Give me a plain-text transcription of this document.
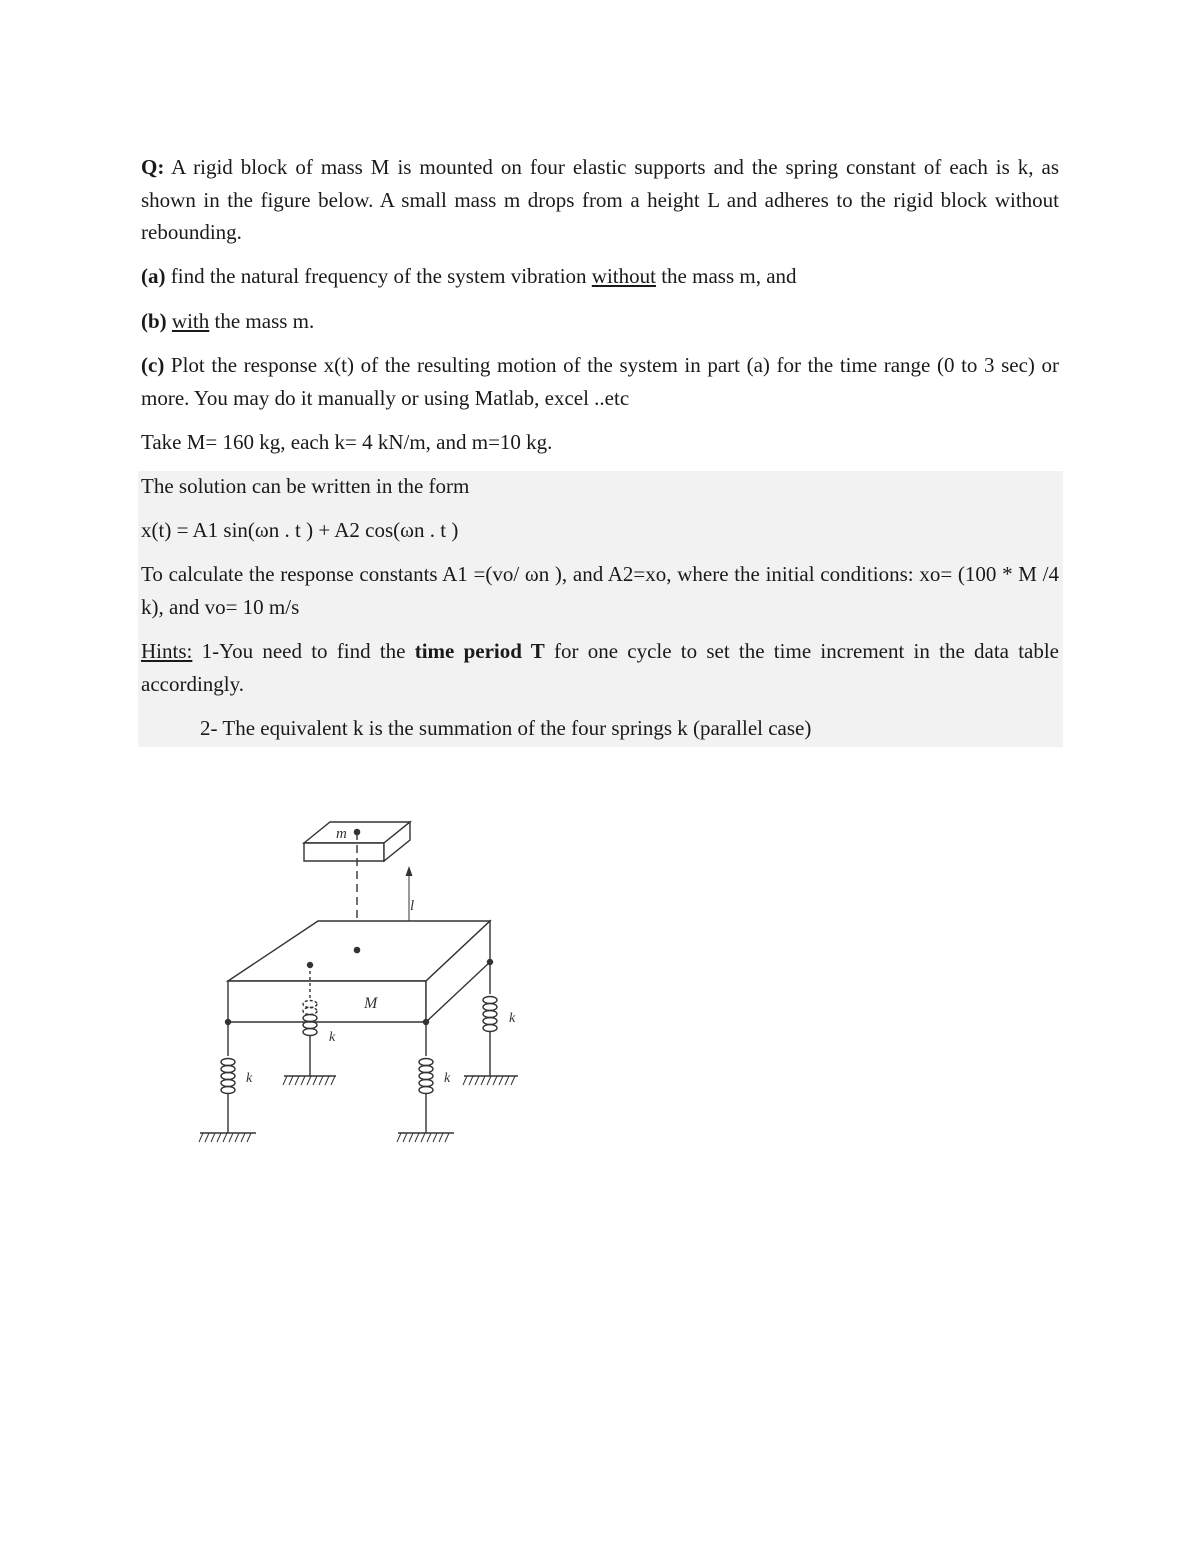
Q: A rigid block of mass M is mounted on four elastic supports and the spring constant of each is k, as shown in the figure below. A small mass m drops from a height L and adheres to the rigid block without rebounding.

(a) find the natural frequency of the system vibration without the mass m, and

(b) with the mass m.

(c) Plot the response x(t) of the resulting motion of the system in part (a) for the time range (0 to 3 sec) or more. You may do it manually or using Matlab, excel ..etc

Take M= 160 kg, each k= 4 kN/m, and m=10 kg.

The solution can be written in the form

x(t) = A1 sin(ωn . t ) + A2 cos(ωn . t )

To calculate the response constants A1 =(vo/ ωn ), and A2=xo, where the initial conditions: xo= (100 * M /4 k), and vo= 10 m/s

Hints: 1-You need to find the time period T for one cycle to set the time increment in the data table accordingly.

2- The equivalent k is the summation of the four springs k (parallel case)

m
l
M
k	k
k
k
